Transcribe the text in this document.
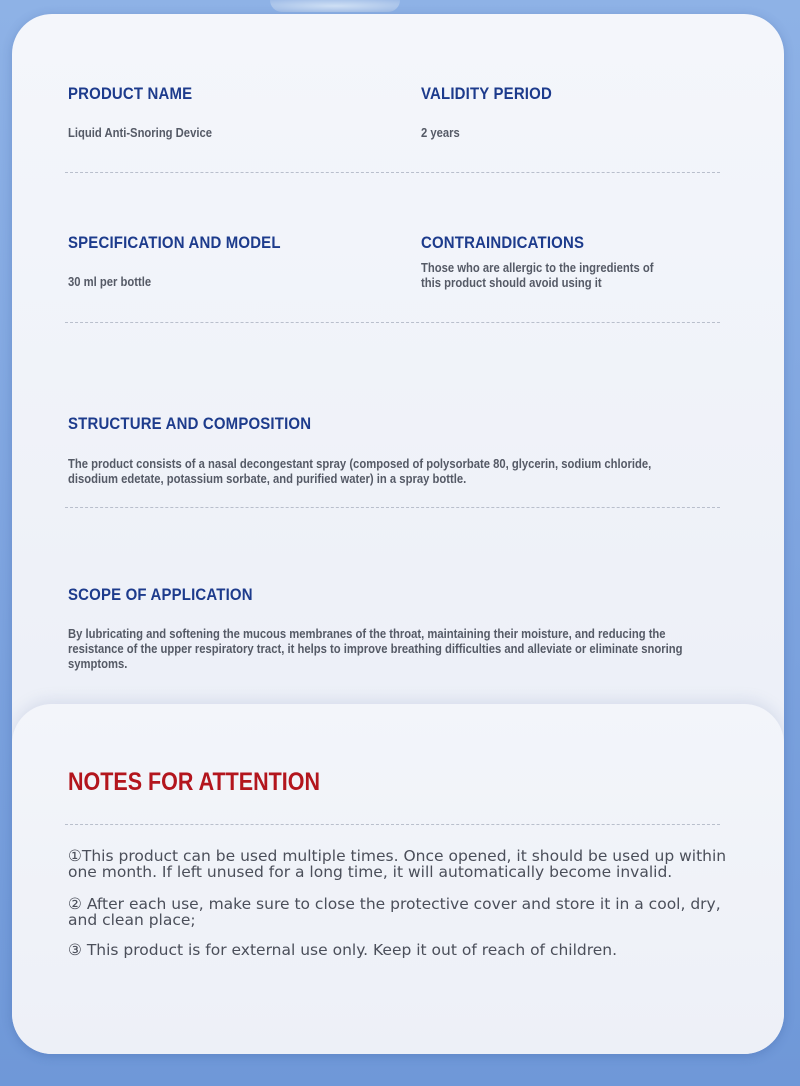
PRODUCT NAME

Liquid Anti-Snoring Device

VALIDITY PERIOD

2 years

SPECIFICATION AND MODEL

30 ml per bottle

CONTRAINDICATIONS

Those who are allergic to the ingredients of
this product should avoid using it

STRUCTURE AND COMPOSITION

The product consists of a nasal decongestant spray (composed of polysorbate 80, glycerin, sodium chloride,
disodium edetate, potassium sorbate, and purified water) in a spray bottle.

SCOPE OF APPLICATION

By lubricating and softening the mucous membranes of the throat, maintaining their moisture, and reducing the
resistance of the upper respiratory tract, it helps to improve breathing difficulties and alleviate or eliminate snoring
symptoms.

NOTES FOR ATTENTION

①This product can be used multiple times. Once opened, it should be used up within
one month. If left unused for a long time, it will automatically become invalid.

② After each use, make sure to close the protective cover and store it in a cool, dry,
and clean place;

③ This product is for external use only. Keep it out of reach of children.
